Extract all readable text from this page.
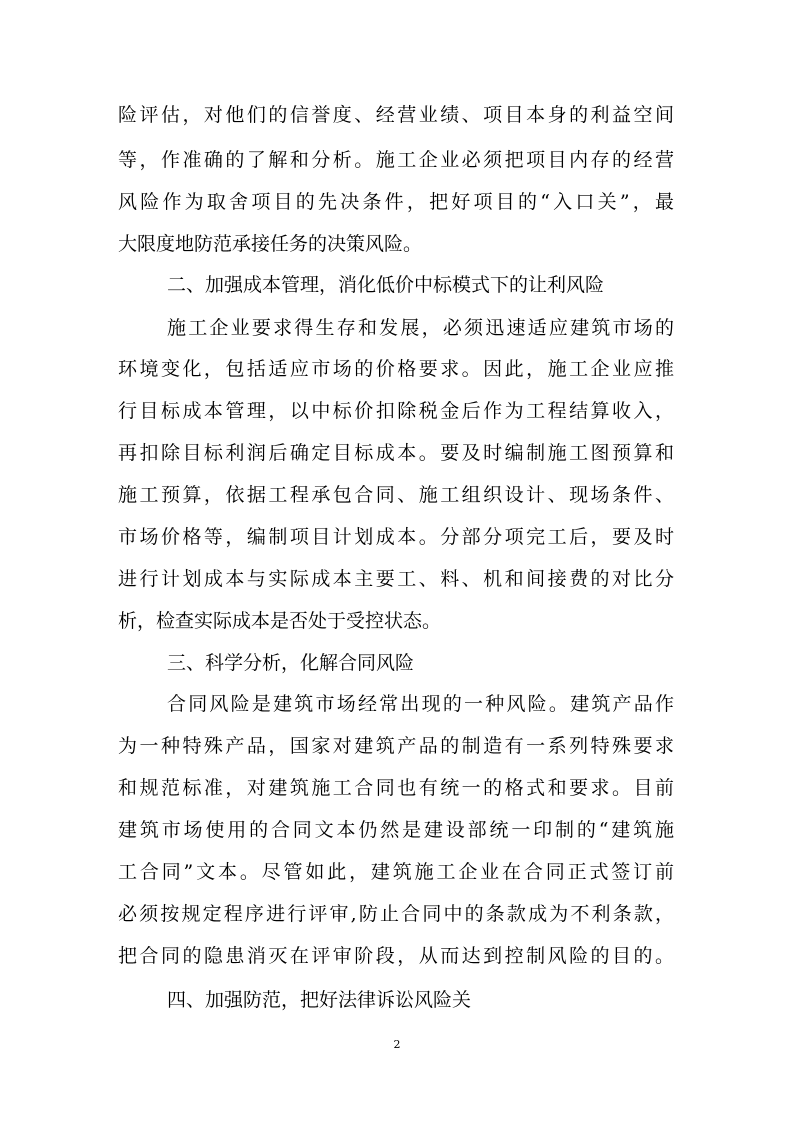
险评估，对他们的信誉度、经营业绩、项目本身的利益空间

等，作准确的了解和分析。施工企业必须把项目内存的经营

风险作为取舍项目的先决条件，把好项目的“入口关”，最

大限度地防范承接任务的决策风险。

二、加强成本管理，消化低价中标模式下的让利风险

施工企业要求得生存和发展，必须迅速适应建筑市场的

环境变化，包括适应市场的价格要求。因此，施工企业应推

行目标成本管理，以中标价扣除税金后作为工程结算收入，

再扣除目标利润后确定目标成本。要及时编制施工图预算和

施工预算，依据工程承包合同、施工组织设计、现场条件、

市场价格等，编制项目计划成本。分部分项完工后，要及时

进行计划成本与实际成本主要工、料、机和间接费的对比分

析，检查实际成本是否处于受控状态。

三、科学分析，化解合同风险

合同风险是建筑市场经常出现的一种风险。建筑产品作

为一种特殊产品，国家对建筑产品的制造有一系列特殊要求

和规范标准，对建筑施工合同也有统一的格式和要求。目前

建筑市场使用的合同文本仍然是建设部统一印制的“建筑施

工合同”文本。尽管如此，建筑施工企业在合同正式签订前

必须按规定程序进行评审,防止合同中的条款成为不利条款，

把合同的隐患消灭在评审阶段，从而达到控制风险的目的。

四、加强防范，把好法律诉讼风险关

2
